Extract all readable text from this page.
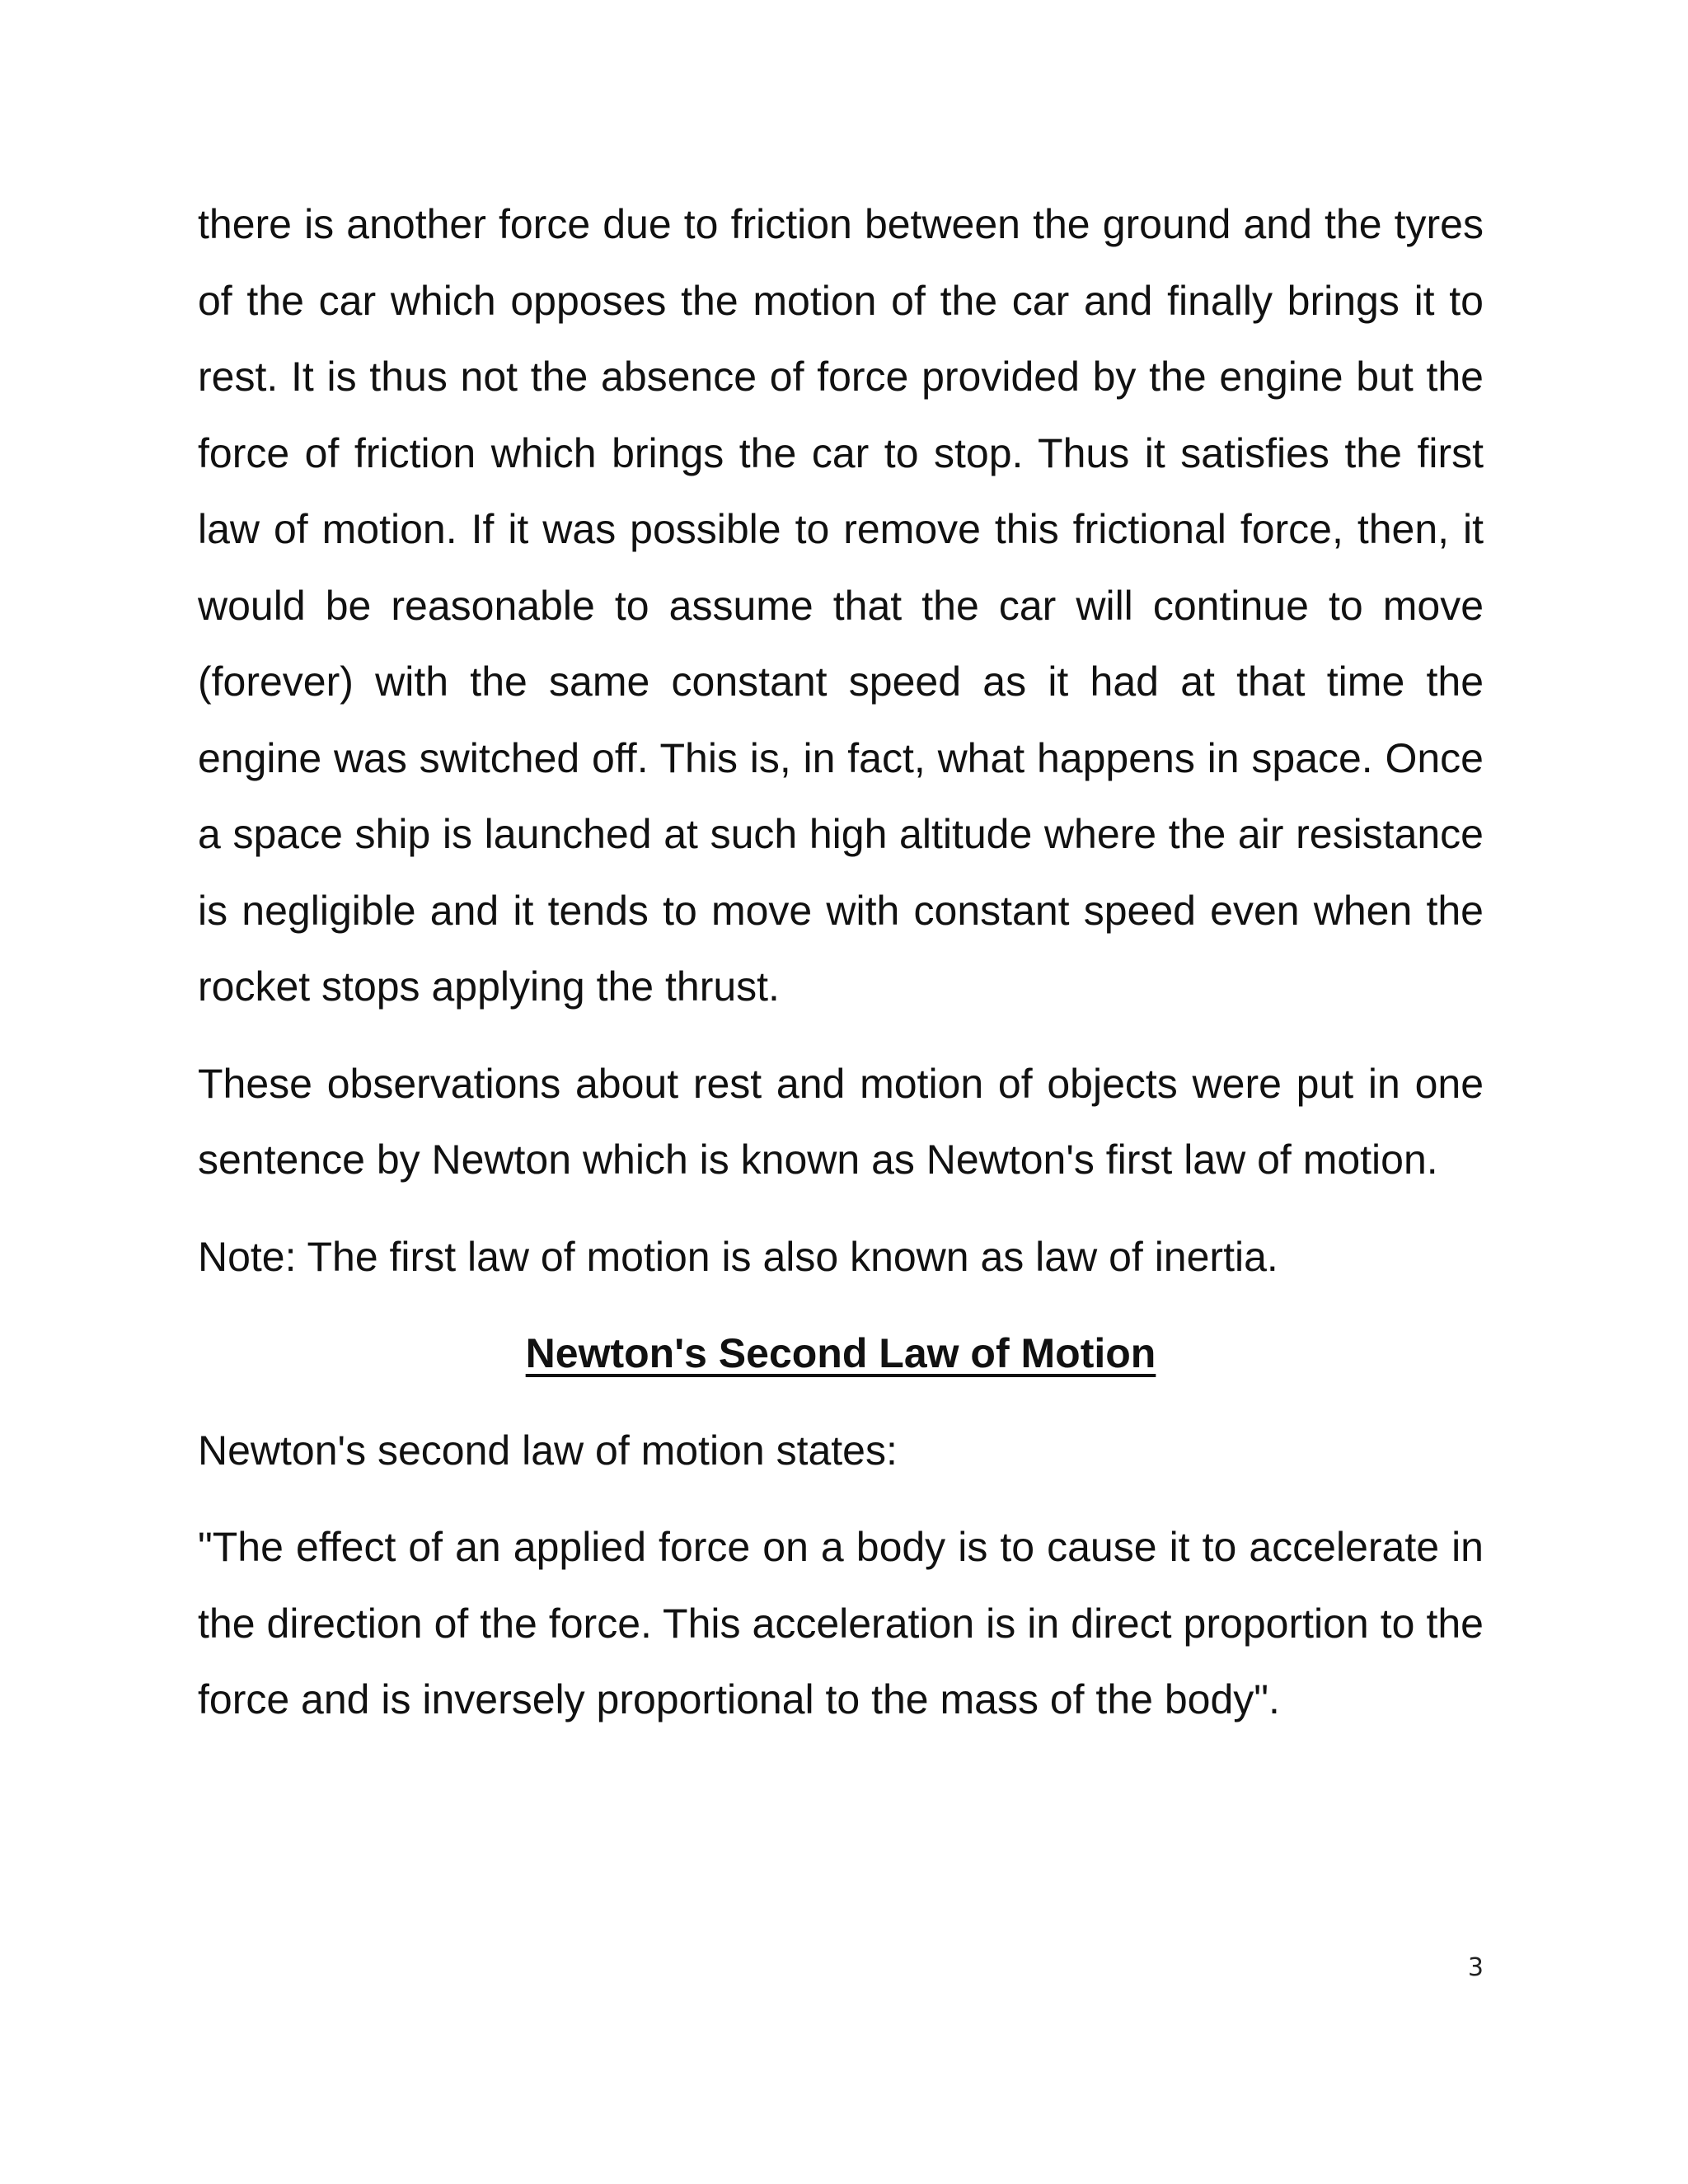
there is another force due to friction between the ground and the tyres of the car which opposes the motion of the car and finally brings it to rest. It is thus not the absence of force provided by the engine but the force of friction which brings the car to stop. Thus it satisfies the first law of motion. If it was possible to remove this frictional force, then, it would be reasonable to assume that the car will continue to move (forever) with the same constant speed as it had at that time the engine was switched off. This is, in fact, what happens in space. Once a space ship is launched at such high altitude where the air resistance is negligible and it tends to move with constant speed even when the rocket stops applying the thrust.

These observations about rest and motion of objects were put in one sentence by Newton which is known as Newton's first law of motion.

Note: The first law of motion is also known as law of inertia.

Newton's Second Law of Motion

Newton's second law of motion states:

"The effect of an applied force on a body is to cause it to accelerate in the direction of the force. This acceleration is in direct proportion to the force and is inversely proportional to the mass of the body".

3
